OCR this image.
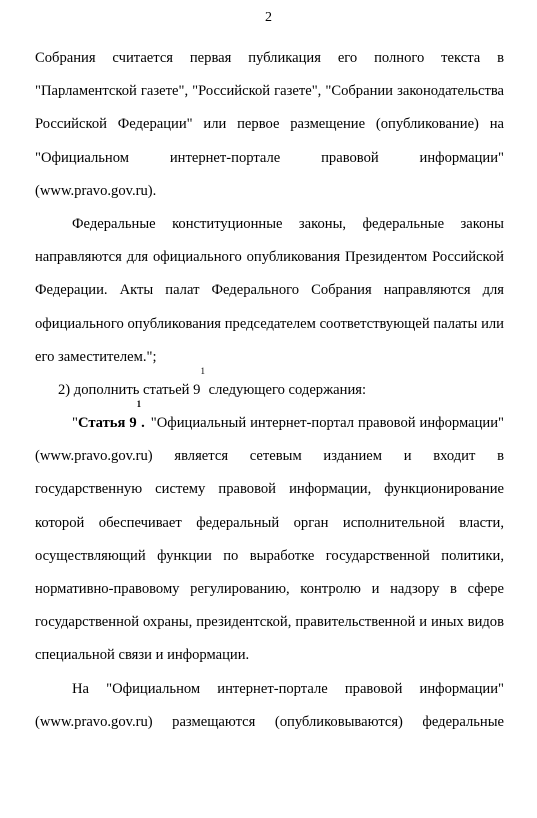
2
Собрания считается первая публикация его полного текста в
"Парламентской газете", "Российской газете", "Собрании законодательства
Российской Федерации" или первое размещение (опубликование) на
"Официальном интернет-портале правовой информации"
(www.pravo.gov.ru).
Федеральные конституционные законы, федеральные законы
направляются для официального опубликования Президентом Российской
Федерации. Акты палат Федерального Собрания направляются для
официального опубликования председателем соответствующей палаты или
его заместителем.";
2) дополнить статьей $9^1$ следующего содержания:
"Статья $9^1$. "Официальный интернет-портал правовой информации"
(www.pravo.gov.ru) является сетевым изданием и входит в
государственную систему правовой информации, функционирование
которой обеспечивает федеральный орган исполнительной власти,
осуществляющий функции по выработке государственной политики,
нормативно-правовому регулированию, контролю и надзору в сфере
государственной охраны, президентской, правительственной и иных видов
специальной связи и информации.
На "Официальном интернет-портале правовой информации"
(www.pravo.gov.ru) размещаются (опубликовываются) федеральные
